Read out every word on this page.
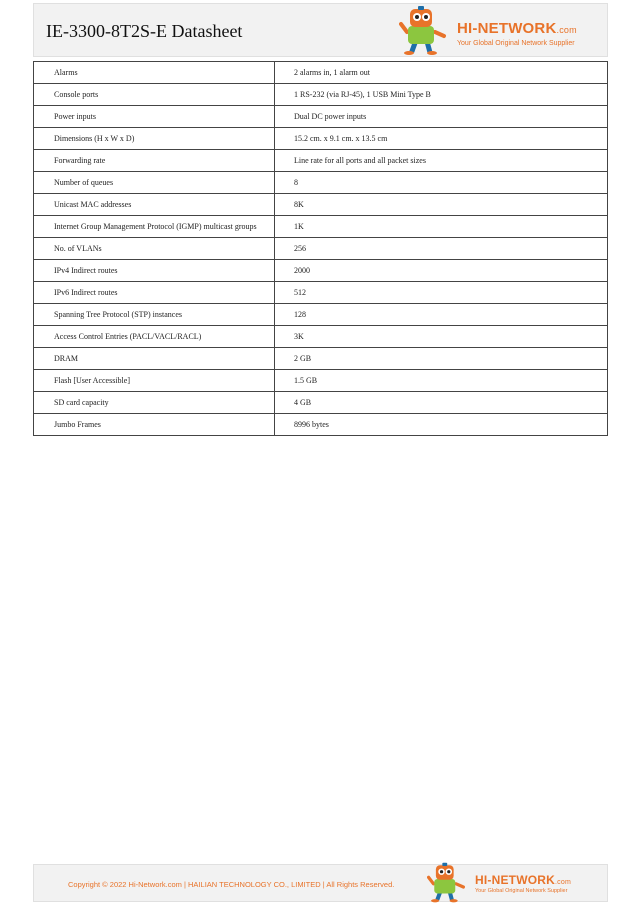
IE-3300-8T2S-E Datasheet	HI-NETWORK.com
Your Global Original Network Supplier
Alarms	2 alarms in, 1 alarm out
Console ports	1 RS-232 (via RJ-45), 1 USB Mini Type B
Power inputs	Dual DC power inputs
Dimensions (H x W x D)	15.2 cm. x 9.1 cm. x 13.5 cm
Forwarding rate	Line rate for all ports and all packet sizes
Number of queues	8
Unicast MAC addresses	8K
Internet Group Management Protocol (IGMP) multicast groups	1K
No. of VLANs	256
IPv4 Indirect routes	2000
IPv6 Indirect routes	512
Spanning Tree Protocol (STP) instances	128
Access Control Entries (PACL/VACL/RACL)	3K
DRAM	2 GB
Flash [User Accessible]	1.5 GB
SD card capacity	4 GB
Jumbo Frames	8996 bytes
Copyright © 2022 Hi-Network.com | HAILIAN TECHNOLOGY CO., LIMITED | All Rights Reserved.	HI-NETWORK.com
Your Global Original Network Supplier
